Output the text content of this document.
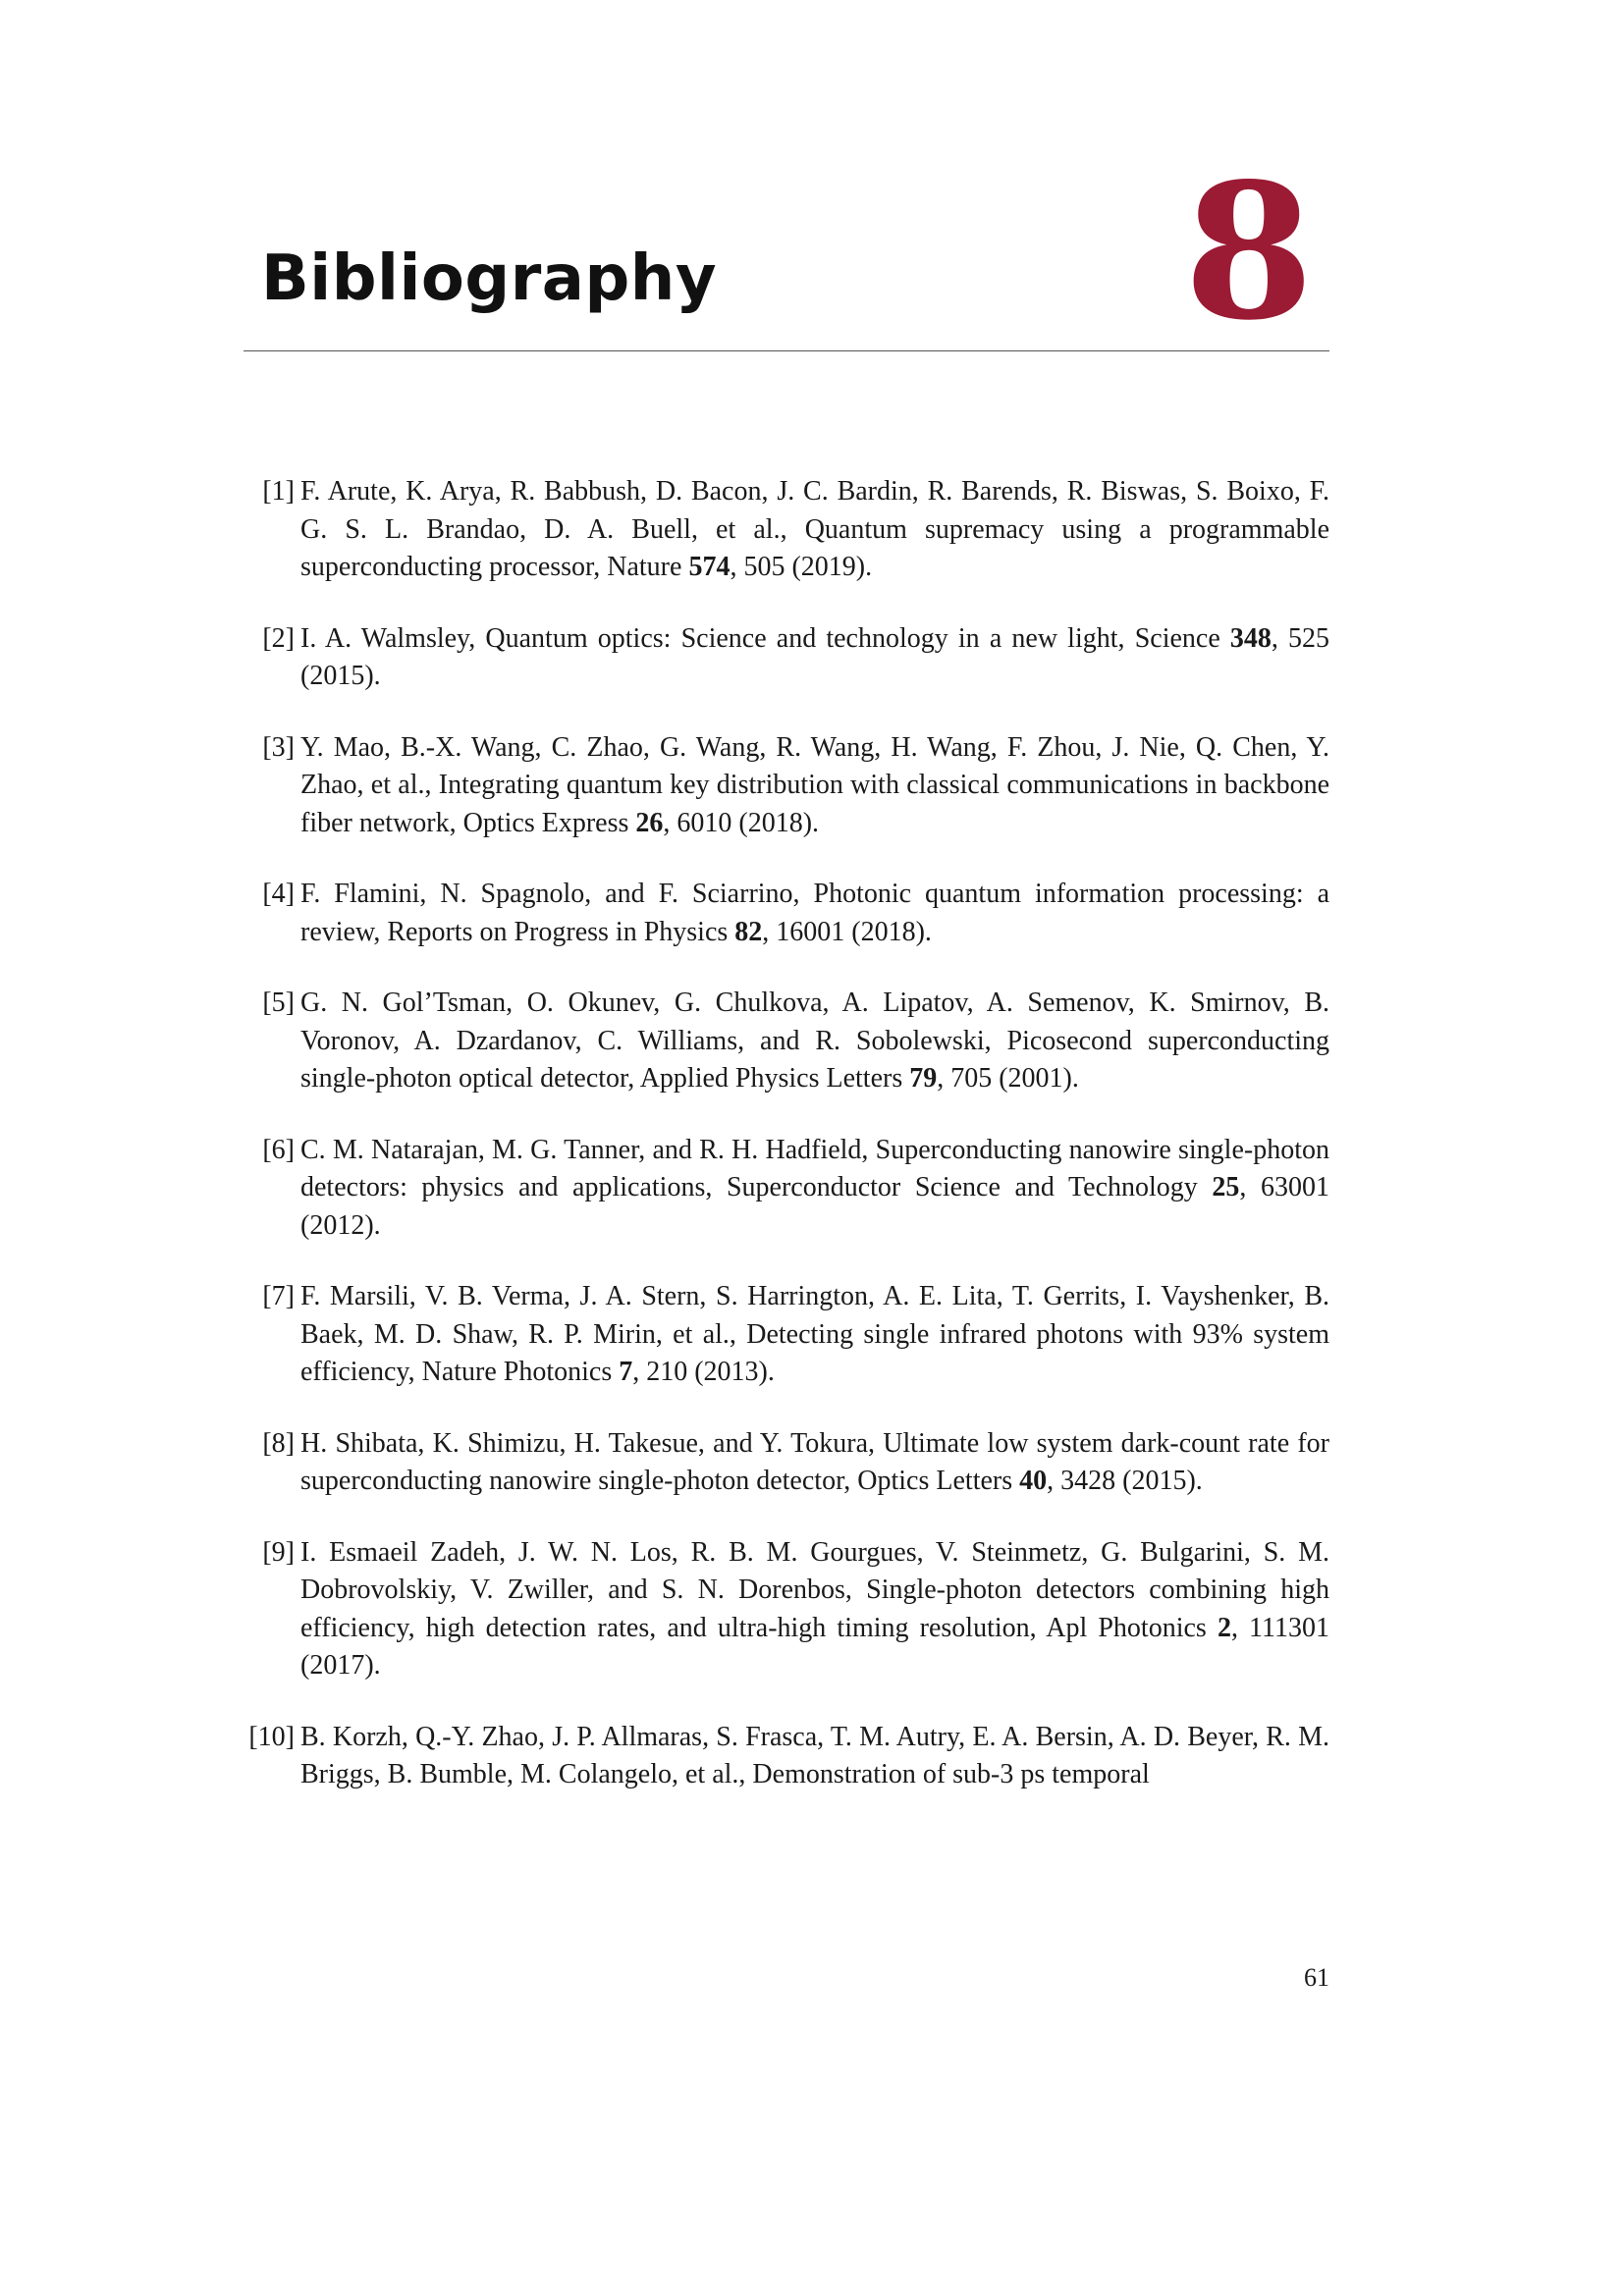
Bibliography	8
[1] F. Arute, K. Arya, R. Babbush, D. Bacon, J. C. Bardin, R. Barends, R. Biswas, S. Boixo, F. G. S. L. Brandao, D. A. Buell, et al., Quantum supremacy using a programmable superconducting processor, Nature 574, 505 (2019).
[2] I. A. Walmsley, Quantum optics: Science and technology in a new light, Science 348, 525 (2015).
[3] Y. Mao, B.-X. Wang, C. Zhao, G. Wang, R. Wang, H. Wang, F. Zhou, J. Nie, Q. Chen, Y. Zhao, et al., Integrating quantum key distribution with classical communications in backbone fiber network, Optics Express 26, 6010 (2018).
[4] F. Flamini, N. Spagnolo, and F. Sciarrino, Photonic quantum information processing: a review, Reports on Progress in Physics 82, 16001 (2018).
[5] G. N. Gol’Tsman, O. Okunev, G. Chulkova, A. Lipatov, A. Semenov, K. Smirnov, B. Voronov, A. Dzardanov, C. Williams, and R. Sobolewski, Picosecond superconducting single-photon optical detector, Applied Physics Letters 79, 705 (2001).
[6] C. M. Natarajan, M. G. Tanner, and R. H. Hadfield, Superconducting nanowire single-photon detectors: physics and applications, Superconductor Science and Technology 25, 63001 (2012).
[7] F. Marsili, V. B. Verma, J. A. Stern, S. Harrington, A. E. Lita, T. Gerrits, I. Vayshenker, B. Baek, M. D. Shaw, R. P. Mirin, et al., Detecting single infrared photons with 93% system efficiency, Nature Photonics 7, 210 (2013).
[8] H. Shibata, K. Shimizu, H. Takesue, and Y. Tokura, Ultimate low system dark-count rate for superconducting nanowire single-photon detector, Optics Letters 40, 3428 (2015).
[9] I. Esmaeil Zadeh, J. W. N. Los, R. B. M. Gourgues, V. Steinmetz, G. Bulgarini, S. M. Dobrovolskiy, V. Zwiller, and S. N. Dorenbos, Single-photon detectors combining high efficiency, high detection rates, and ultra-high timing resolution, Apl Photonics 2, 111301 (2017).
[10] B. Korzh, Q.-Y. Zhao, J. P. Allmaras, S. Frasca, T. M. Autry, E. A. Bersin, A. D. Beyer, R. M. Briggs, B. Bumble, M. Colangelo, et al., Demonstration of sub-3 ps temporal
61
